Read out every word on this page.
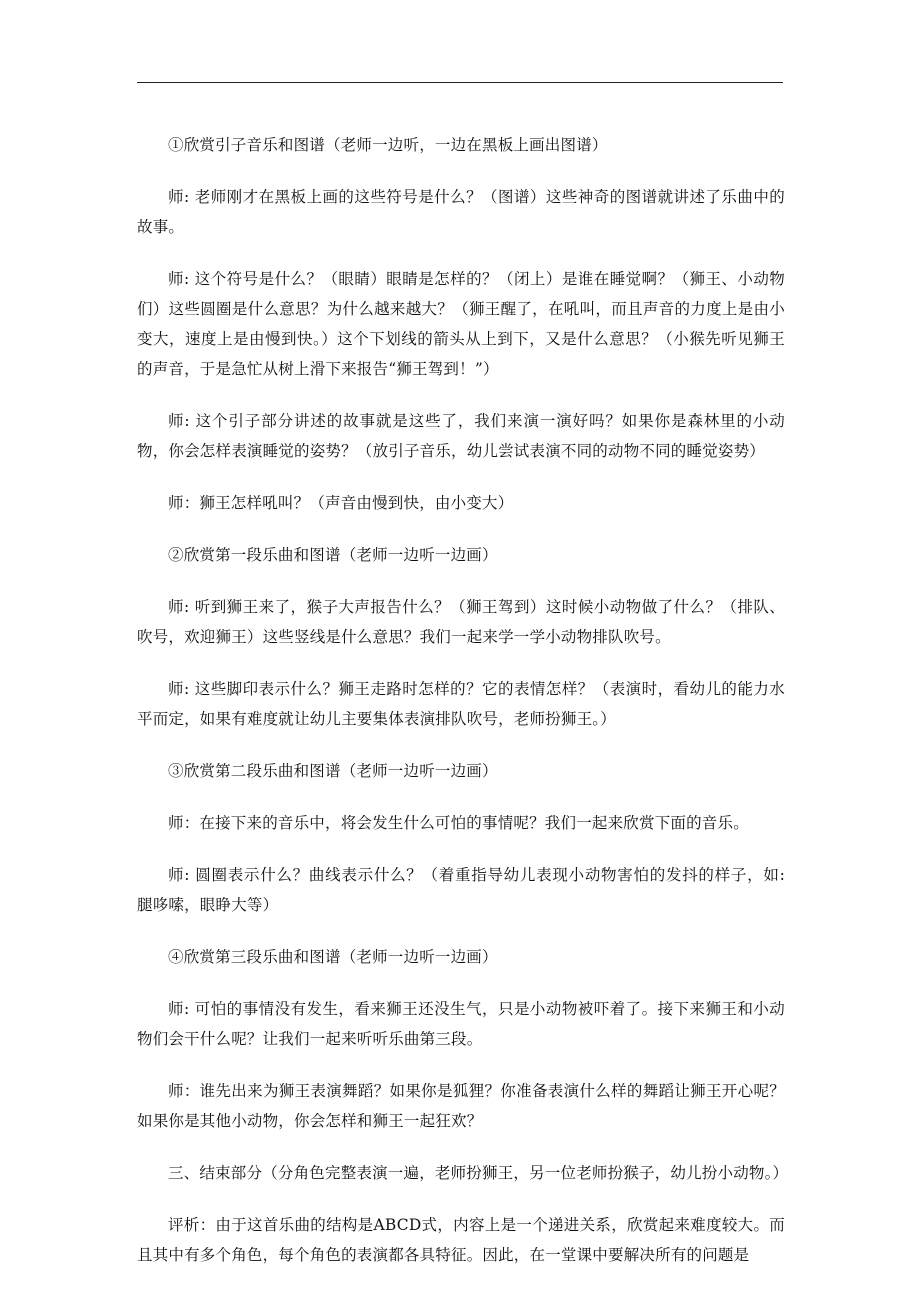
①欣赏引子音乐和图谱（老师一边听，一边在黑板上画出图谱）

师: 老师刚才在黑板上画的这些符号是什么？（图谱）这些神奇的图谱就讲述了乐曲中的故事。

师: 这个符号是什么？（眼睛）眼睛是怎样的？（闭上）是谁在睡觉啊？（狮王、小动物们）这些圆圈是什么意思？为什么越来越大？（狮王醒了，在吼叫，而且声音的力度上是由小变大，速度上是由慢到快。）这个下划线的箭头从上到下，又是什么意思？（小猴先听见狮王的声音，于是急忙从树上滑下来报告“狮王驾到！”）

师: 这个引子部分讲述的故事就是这些了，我们来演一演好吗？如果你是森林里的小动物，你会怎样表演睡觉的姿势？（放引子音乐，幼儿尝试表演不同的动物不同的睡觉姿势）

师：狮王怎样吼叫？（声音由慢到快，由小变大）

②欣赏第一段乐曲和图谱（老师一边听一边画）

师: 听到狮王来了，猴子大声报告什么？（狮王驾到）这时候小动物做了什么？（排队、吹号，欢迎狮王）这些竖线是什么意思？我们一起来学一学小动物排队吹号。

师: 这些脚印表示什么？狮王走路时怎样的？它的表情怎样？（表演时，看幼儿的能力水平而定，如果有难度就让幼儿主要集体表演排队吹号，老师扮狮王。）

③欣赏第二段乐曲和图谱（老师一边听一边画）

师：在接下来的音乐中，将会发生什么可怕的事情呢？我们一起来欣赏下面的音乐。

师: 圆圈表示什么？曲线表示什么？（着重指导幼儿表现小动物害怕的发抖的样子，如: 腿哆嗦，眼睁大等）

④欣赏第三段乐曲和图谱（老师一边听一边画）

师: 可怕的事情没有发生，看来狮王还没生气，只是小动物被吓着了。接下来狮王和小动物们会干什么呢？让我们一起来听听乐曲第三段。

师：谁先出来为狮王表演舞蹈？如果你是狐狸？你准备表演什么样的舞蹈让狮王开心呢？如果你是其他小动物，你会怎样和狮王一起狂欢？

三、结束部分（分角色完整表演一遍，老师扮狮王，另一位老师扮猴子，幼儿扮小动物。）

评析：由于这首乐曲的结构是ABCD式，内容上是一个递进关系，欣赏起来难度较大。而且其中有多个角色，每个角色的表演都各具特征。因此，在一堂课中要解决所有的问题是
